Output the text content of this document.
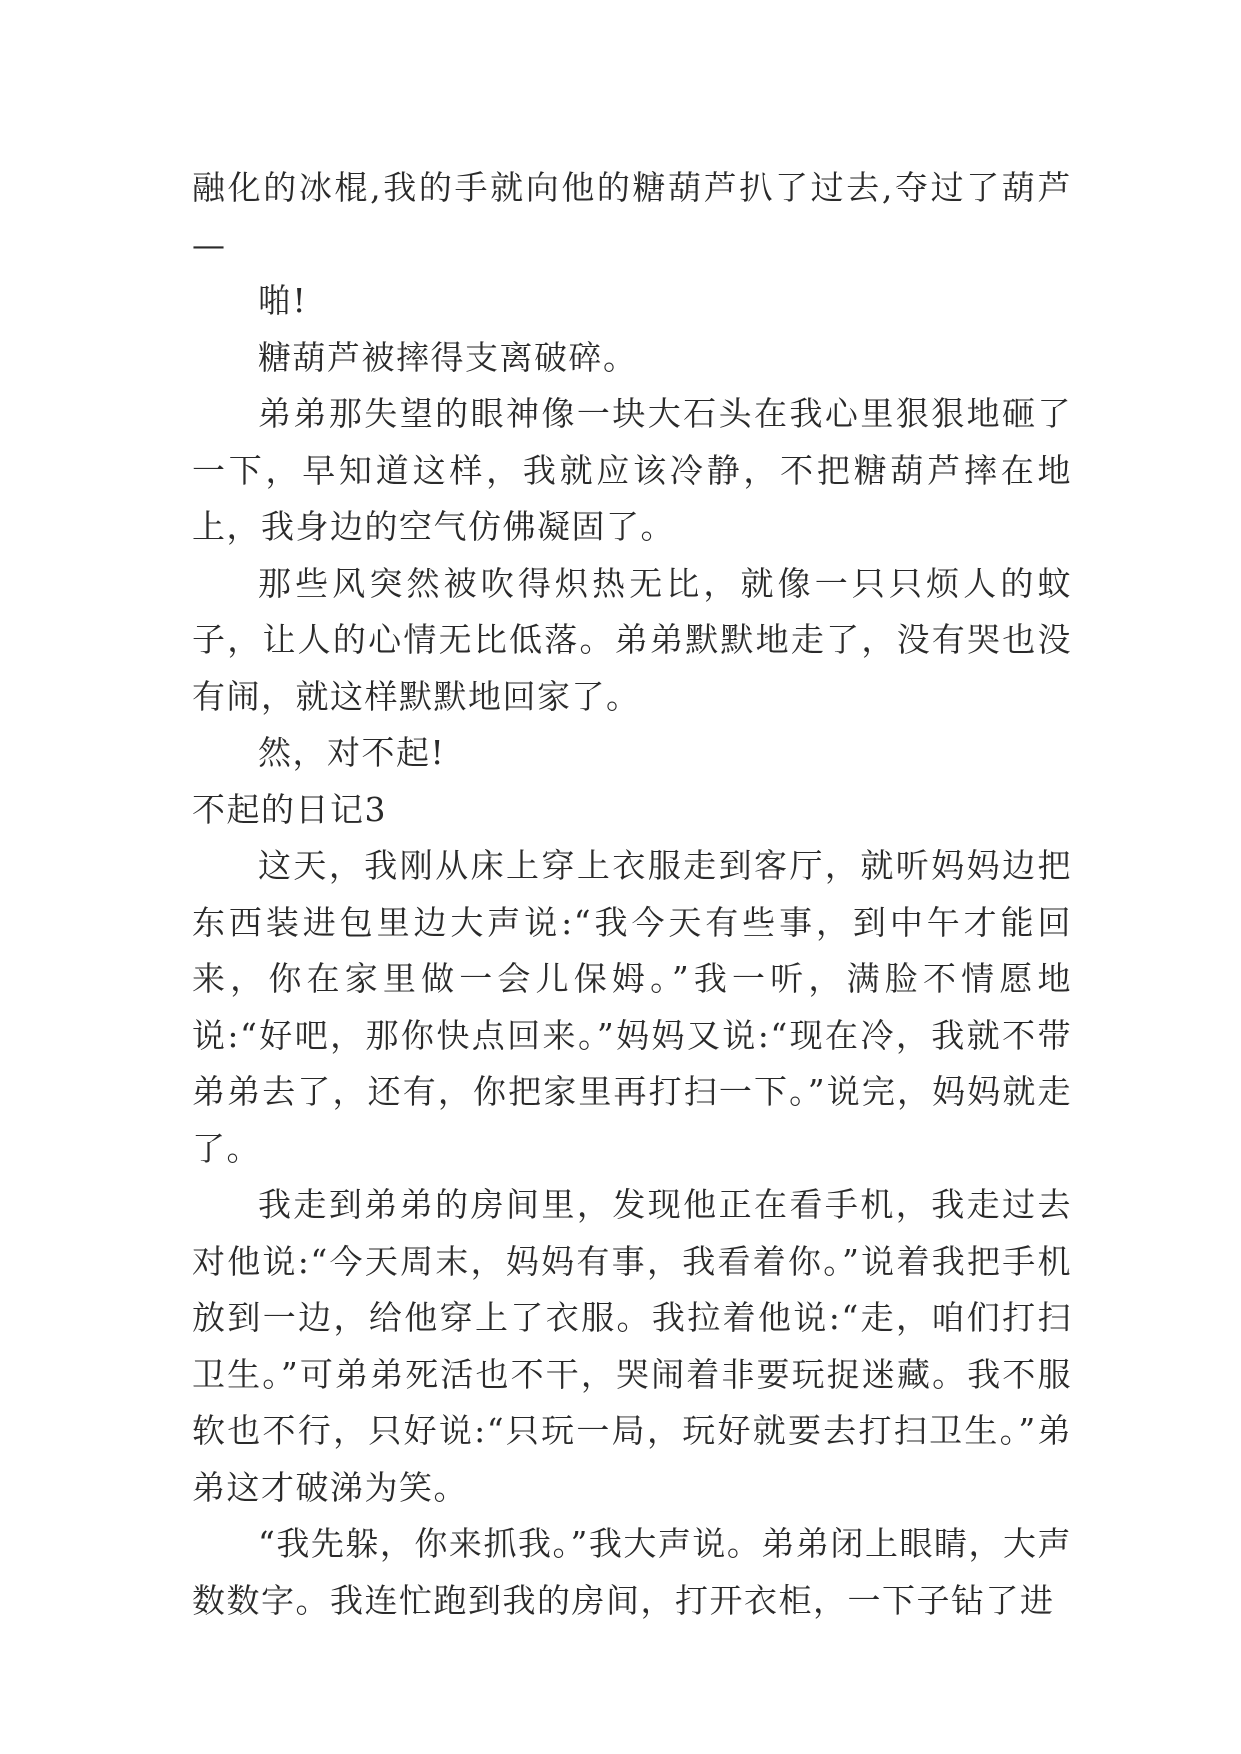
融化的冰棍,我的手就向他的糖葫芦扒了过去,夺过了葫芦—

啪!

糖葫芦被摔得支离破碎。

弟弟那失望的眼神像一块大石头在我心里狠狠地砸了一下，早知道这样，我就应该冷静，不把糖葫芦摔在地上，我身边的空气仿佛凝固了。

那些风突然被吹得炽热无比，就像一只只烦人的蚊子，让人的心情无比低落。弟弟默默地走了，没有哭也没有闹，就这样默默地回家了。

然，对不起!

不起的日记3

这天，我刚从床上穿上衣服走到客厅，就听妈妈边把东西装进包里边大声说:“我今天有些事，到中午才能回来，你在家里做一会儿保姆。”我一听，满脸不情愿地说:“好吧，那你快点回来。”妈妈又说:“现在冷，我就不带弟弟去了，还有，你把家里再打扫一下。”说完，妈妈就走了。

我走到弟弟的房间里，发现他正在看手机，我走过去对他说:“今天周末，妈妈有事，我看着你。”说着我把手机放到一边，给他穿上了衣服。我拉着他说:“走，咱们打扫卫生。”可弟弟死活也不干，哭闹着非要玩捉迷藏。我不服软也不行，只好说:“只玩一局，玩好就要去打扫卫生。”弟弟这才破涕为笑。

“我先躲，你来抓我。”我大声说。弟弟闭上眼睛，大声数数字。我连忙跑到我的房间，打开衣柜，一下子钻了进
